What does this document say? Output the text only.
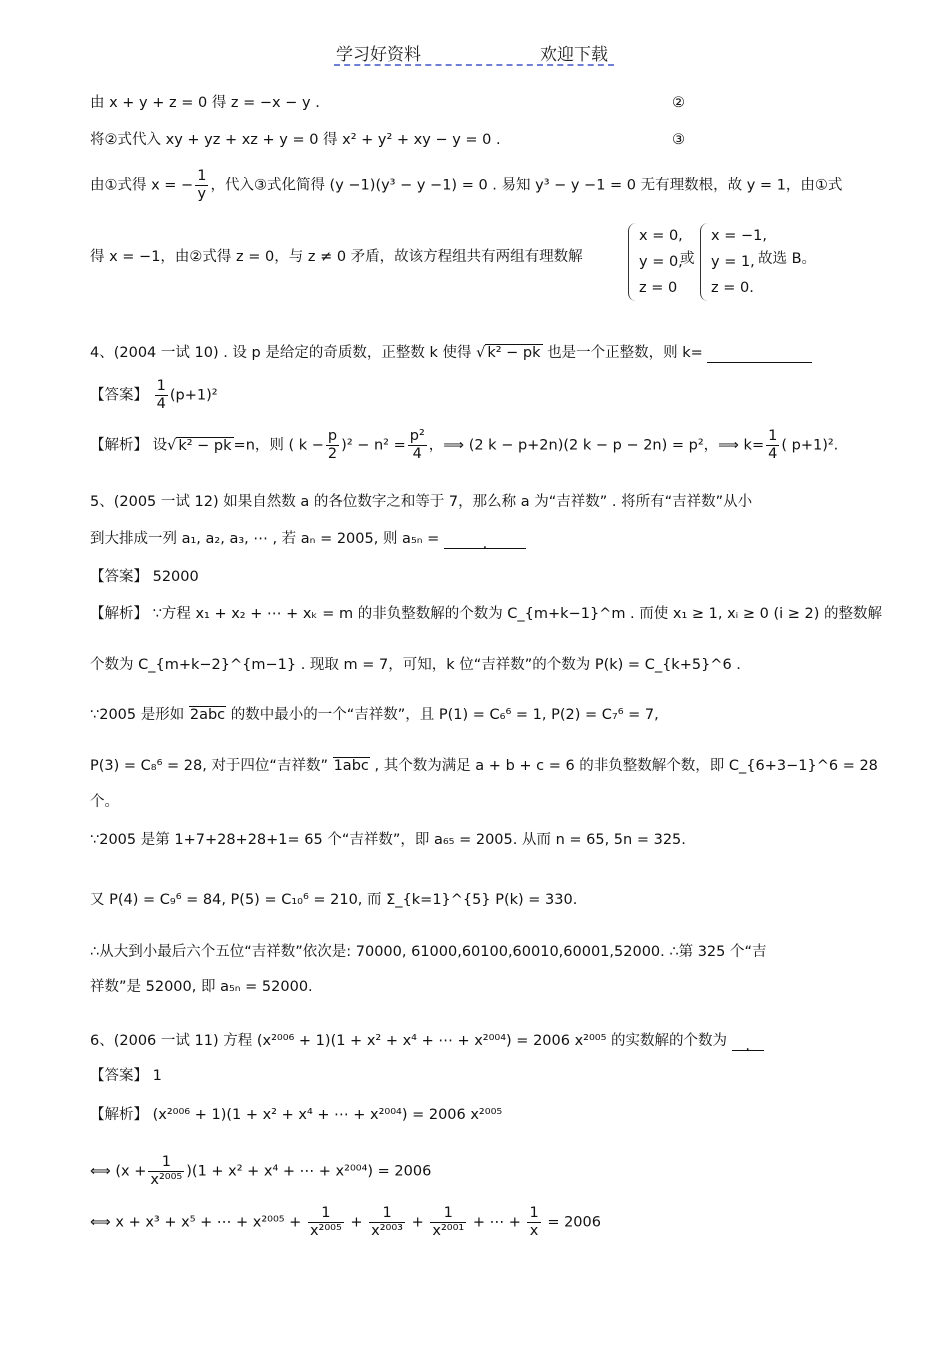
学习好资料	欢迎下载
由 x + y + z = 0 得 z = −x − y .	②
将②式代入 xy + yz + xz + y = 0 得 x² + y² + xy − y = 0 .	③
由①式得 x = − $\frac{1}{y}$ ，代入③式化简得 (y −1)(y³ − y −1) = 0 . 易知 y³ − y −1 = 0 无有理数根，故 y = 1，由①式
得 x = −1，由②式得 z = 0，与 z ≠ 0 矛盾，故该方程组共有两组有理数解
x = 0,
y = 0,
z = 0
或
x = −1,
y = 1,
z = 0.
故选 B。
4、(2004 一试 10) . 设 p 是给定的奇质数，正整数 k 使得 √ k² − pk 也是一个正整数，则 k=
【答案】 $\frac{1}{4} (p+1)^2$
【解析】 设√ k² − pk =n，则 ( $k - \frac{p}{2} )^2 - n^2 = \frac{\text{p²}}{4}$ ，⟹ (2 k − p+2n)(2 k − p − 2n) = p²，⟹ $k= \frac{1}{4}$ ( p+1)².
5、(2005 一试 12) 如果自然数 a 的各位数字之和等于 7，那么称 a 为“吉祥数” . 将所有“吉祥数”从小
到大排成一列 a₁, a₂, a₃, ⋯ , 若 aₙ = 2005, 则 a₅ₙ =	.
【答案】 52000
【解析】 ∵方程 x₁ + x₂ + ⋯ + xₖ = m 的非负整数解的个数为 C_{m+k−1}^m . 而使 x₁ ≥ 1, xᵢ ≥ 0 (i ≥ 2) 的整数解
个数为 C_{m+k−2}^{m−1} . 现取 m = 7，可知，k 位“吉祥数”的个数为 P(k) = C_{k+5}^6 .
∵2005 是形如 2abc 的数中最小的一个“吉祥数”，且 P(1) = C₆⁶ = 1, P(2) = C₇⁶ = 7,
P(3) = C₈⁶ = 28, 对于四位“吉祥数” 1abc , 其个数为满足 a + b + c = 6 的非负整数解个数，即 C_{6+3−1}^6 = 28
个。
∵2005 是第 1+7+28+28+1= 65 个“吉祥数”，即 a₆₅ = 2005. 从而 n = 65, 5n = 325.
又 P(4) = C₉⁶ = 84, P(5) = C₁₀⁶ = 210, 而 Σ_{k=1}^{5} P(k) = 330.
∴从大到小最后六个五位“吉祥数”依次是: 70000, 61000,60100,60010,60001,52000. ∴第 325 个“吉
祥数”是 52000, 即 a₅ₙ = 52000.
6、(2006 一试 11) 方程 (x²⁰⁰⁶ + 1)(1 + x² + x⁴ + ⋯ + x²⁰⁰⁴) = 2006 x²⁰⁰⁵ 的实数解的个数为 .
【答案】 1
【解析】 (x²⁰⁰⁶ + 1)(1 + x² + x⁴ + ⋯ + x²⁰⁰⁴) = 2006 x²⁰⁰⁵
⟺ $(x + \frac{1}{\text{x²⁰⁰⁵}} )(1 + x^2 + x^4$ + ⋯ + x²⁰⁰⁴) = 2006
⟺ x + x³ + x⁵ + ⋯ + $x^{2005} + \frac{1}{\text{x²⁰⁰⁵}} + \frac{1}{\text{x²⁰⁰³}} + \frac{1}{\text{x²⁰⁰¹}}$ + ⋯ + $\frac{1}{x} = 2006$
